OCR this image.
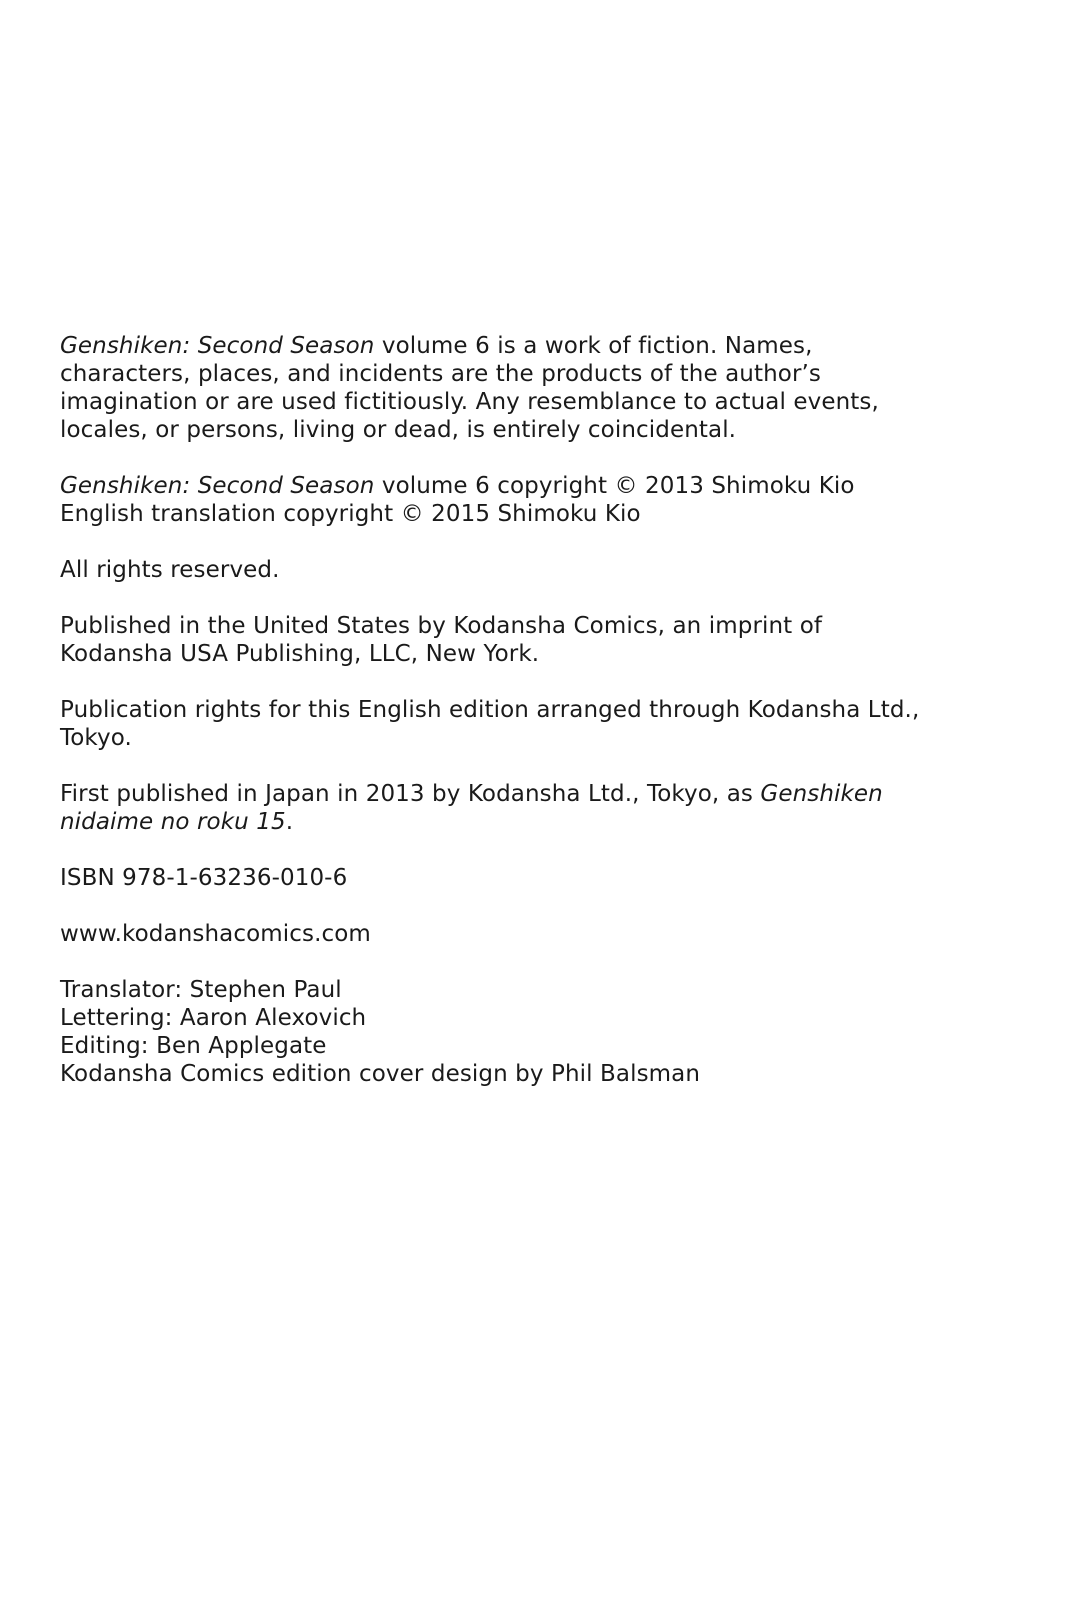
Genshiken: Second Season volume 6 is a work of fiction. Names,
characters, places, and incidents are the products of the author’s
imagination or are used fictitiously. Any resemblance to actual events,
locales, or persons, living or dead, is entirely coincidental.

Genshiken: Second Season volume 6 copyright © 2013 Shimoku Kio
English translation copyright © 2015 Shimoku Kio

All rights reserved.

Published in the United States by Kodansha Comics, an imprint of
Kodansha USA Publishing, LLC, New York.

Publication rights for this English edition arranged through Kodansha Ltd.,
Tokyo.

First published in Japan in 2013 by Kodansha Ltd., Tokyo, as Genshiken
nidaime no roku 15.

ISBN 978-1-63236-010-6

www.kodanshacomics.com

Translator: Stephen Paul
Lettering: Aaron Alexovich
Editing: Ben Applegate
Kodansha Comics edition cover design by Phil Balsman
